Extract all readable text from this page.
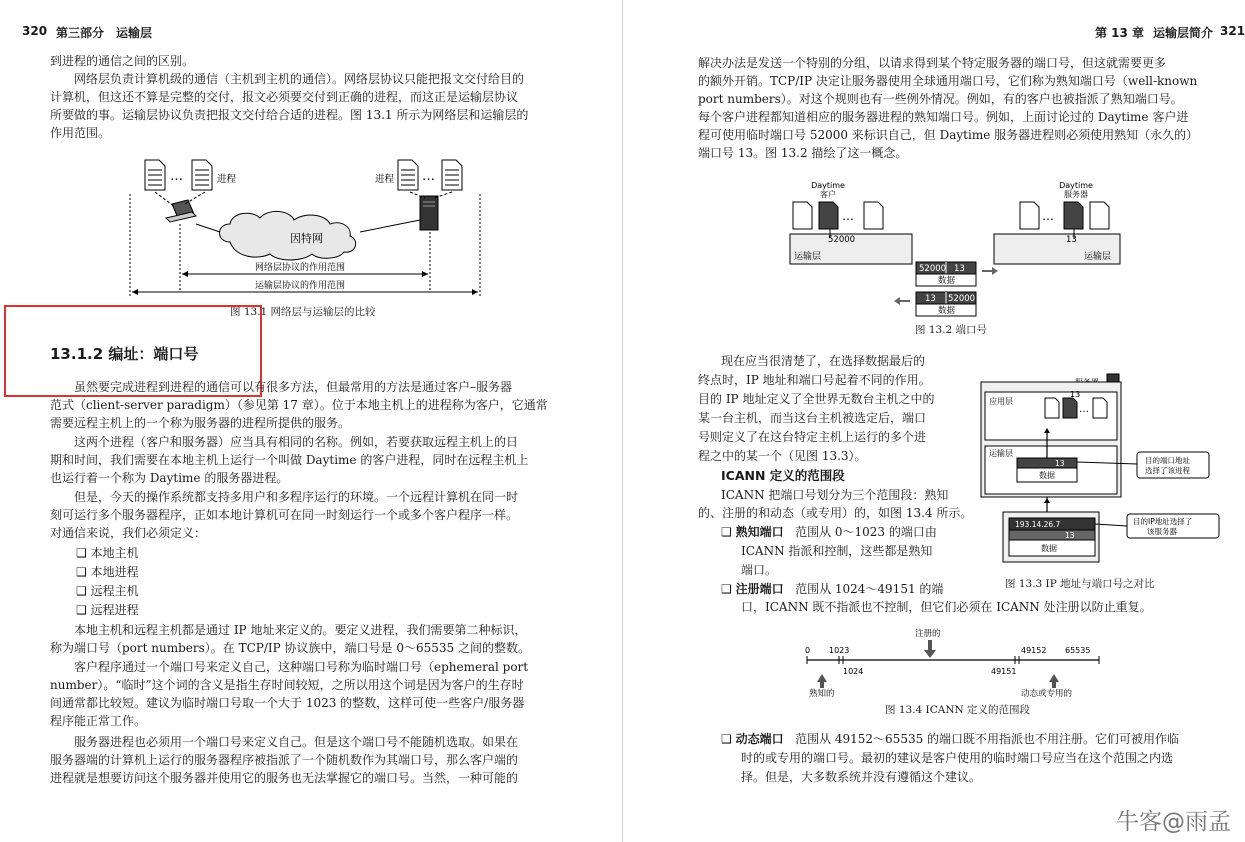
320 第三部分 运输层
到进程的通信之间的区别。
网络层负责计算机级的通信（主机到主机的通信）。网络层协议只能把报文交付给目的
计算机，但这还不算是完整的交付，报文必须要交付到正确的进程，而这正是运输层协议
所要做的事。运输层协议负责把报文交付给合适的进程。图 13.1 所示为网络层和运输层的
作用范围。
…	进程	进程 …
因特网
网络层协议的作用范围
运输层协议的作用范围
图 13.1 网络层与运输层的比较
13.1.2 编址：端口号
虽然要完成进程到进程的通信可以有很多方法，但最常用的方法是通过客户–服务器
范式（client-server paradigm）（参见第 17 章）。位于本地主机上的进程称为客户，它通常
需要远程主机上的一个称为服务器的进程所提供的服务。
这两个进程（客户和服务器）应当具有相同的名称。例如，若要获取远程主机上的日
期和时间，我们需要在本地主机上运行一个叫做 Daytime 的客户进程，同时在远程主机上
也运行着一个称为 Daytime 的服务器进程。
但是，今天的操作系统都支持多用户和多程序运行的环境。一个远程计算机在同一时
刻可运行多个服务器程序，正如本地计算机可在同一时刻运行一个或多个客户程序一样。
对通信来说，我们必须定义：
❑ 本地主机
❑ 本地进程
❑ 远程主机
❑ 远程进程
本地主机和远程主机都是通过 IP 地址来定义的。要定义进程，我们需要第二种标识，
称为端口号（port numbers）。在 TCP/IP 协议族中，端口号是 0～65535 之间的整数。
客户程序通过一个端口号来定义自己，这种端口号称为临时端口号（ephemeral port
number）。“临时”这个词的含义是指生存时间较短，之所以用这个词是因为客户的生存时
间通常都比较短。建议为临时端口号取一个大于 1023 的整数，这样可使一些客户/服务器
程序能正常工作。
服务器进程也必须用一个端口号来定义自己。但是这个端口号不能随机选取。如果在
服务器端的计算机上运行的服务器程序被指派了一个随机数作为其端口号，那么客户端的
进程就是想要访问这个服务器并使用它的服务也无法掌握它的端口号。当然，一种可能的
第 13 章 运输层简介 321
解决办法是发送一个特别的分组，以请求得到某个特定服务器的端口号，但这就需要更多
的额外开销。TCP/IP 决定让服务器使用全球通用端口号，它们称为熟知端口号（well-known
port numbers）。对这个规则也有一些例外情况。例如，有的客户也被指派了熟知端口号。
每个客户进程都知道相应的服务器进程的熟知端口号。例如，上面讨论过的 Daytime 客户进
程可使用临时端口号 52000 来标识自己，但 Daytime 服务器进程则必须使用熟知（永久的）
端口号 13。图 13.2 描绘了这一概念。
Daytime
客户
Daytime
服务器
…	…
运输层	运输层
52000	13
52000 13
数据
13 52000
数据
图 13.2 端口号
现在应当很清楚了，在选择数据最后的
终点时，IP 地址和端口号起着不同的作用。
目的 IP 地址定义了全世界无数台主机之中的
某一台主机，而当这台主机被选定后，端口
号则定义了在这台特定主机上运行的多个进
程之中的某一个（见图 13.3）。
ICANN 定义的范围段
ICANN 把端口号划分为三个范围段：熟知
的、注册的和动态（或专用）的，如图 13.4 所示。
❑ 熟知端口 范围从 0～1023 的端口由
ICANN 指派和控制，这些都是熟知
端口。
❑ 注册端口 范围从 1024～49151 的端
口，ICANN 既不指派也不控制，但它们必须在 ICANN 处注册以防止重复。
应用层
…
13
运输层
13
数据
目的端口地址
选择了该进程
193.14.26.7
13
数据
目的IP地址选择了
该服务器
图 13.3 IP 地址与端口号之对比
注册的
0 1023	49152 65535
1024	49151
熟知的	动态或专用的
图 13.4 ICANN 定义的范围段
❑ 动态端口 范围从 49152～65535 的端口既不用指派也不用注册。它们可被用作临
时的或专用的端口号。最初的建议是客户使用的临时端口号应当在这个范围之内选
择。但是，大多数系统并没有遵循这个建议。
牛客@雨孟
